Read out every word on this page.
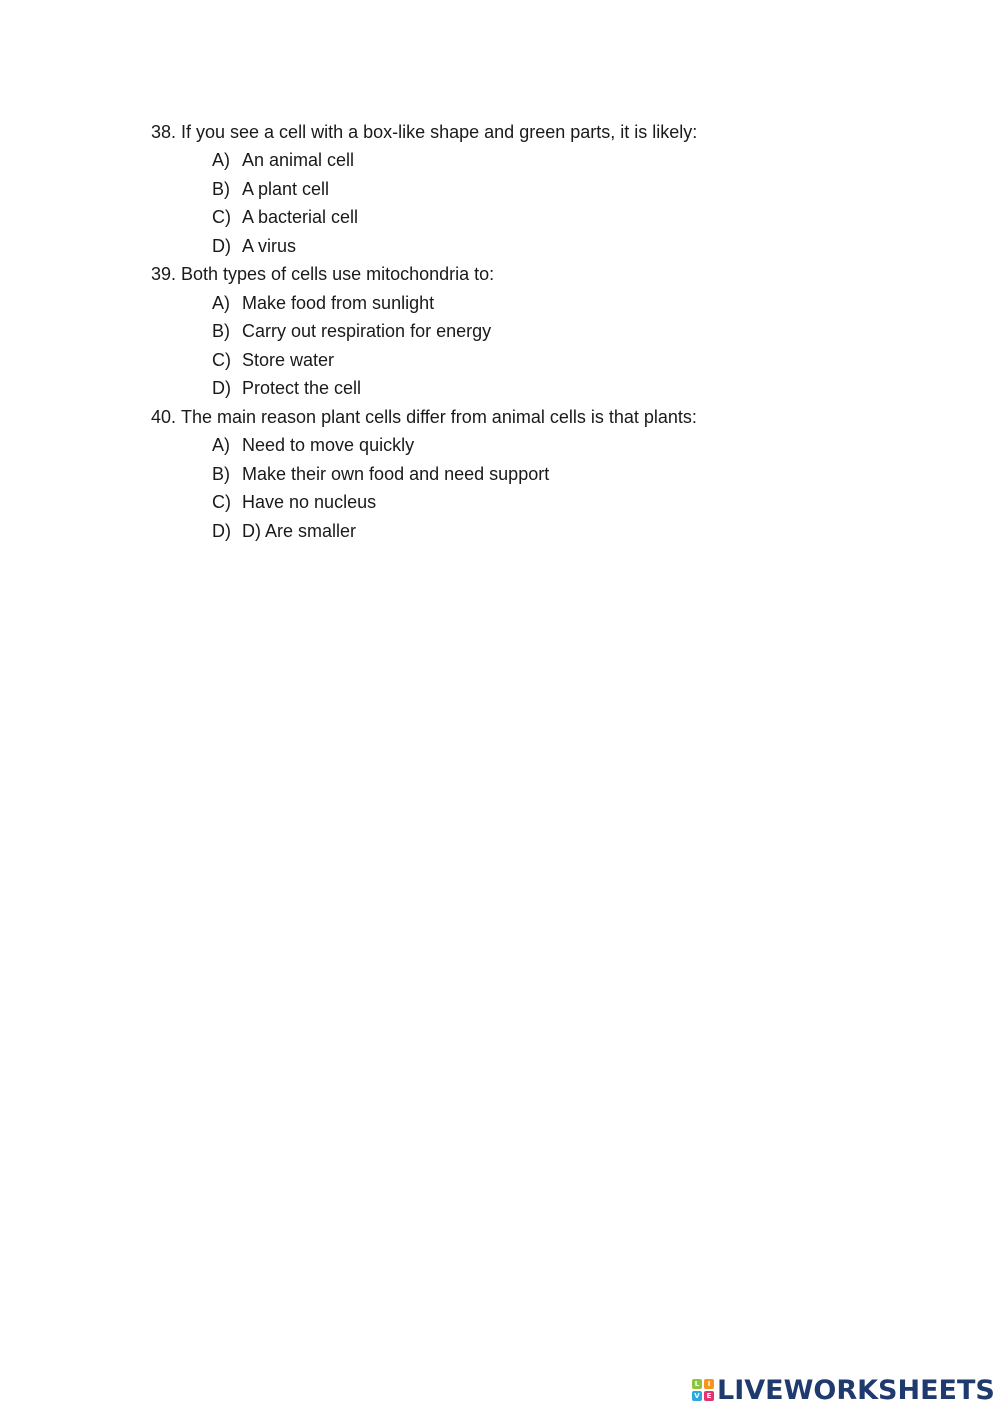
38. If you see a cell with a box-like shape and green parts, it is likely:
A) An animal cell
B) A plant cell
C) A bacterial cell
D) A virus
39. Both types of cells use mitochondria to:
A) Make food from sunlight
B) Carry out respiration for energy
C) Store water
D) Protect the cell
40. The main reason plant cells differ from animal cells is that plants:
A) Need to move quickly
B) Make their own food and need support
C) Have no nucleus
D) D) Are smaller
L	I
V E LIVEWORKSHEETS
